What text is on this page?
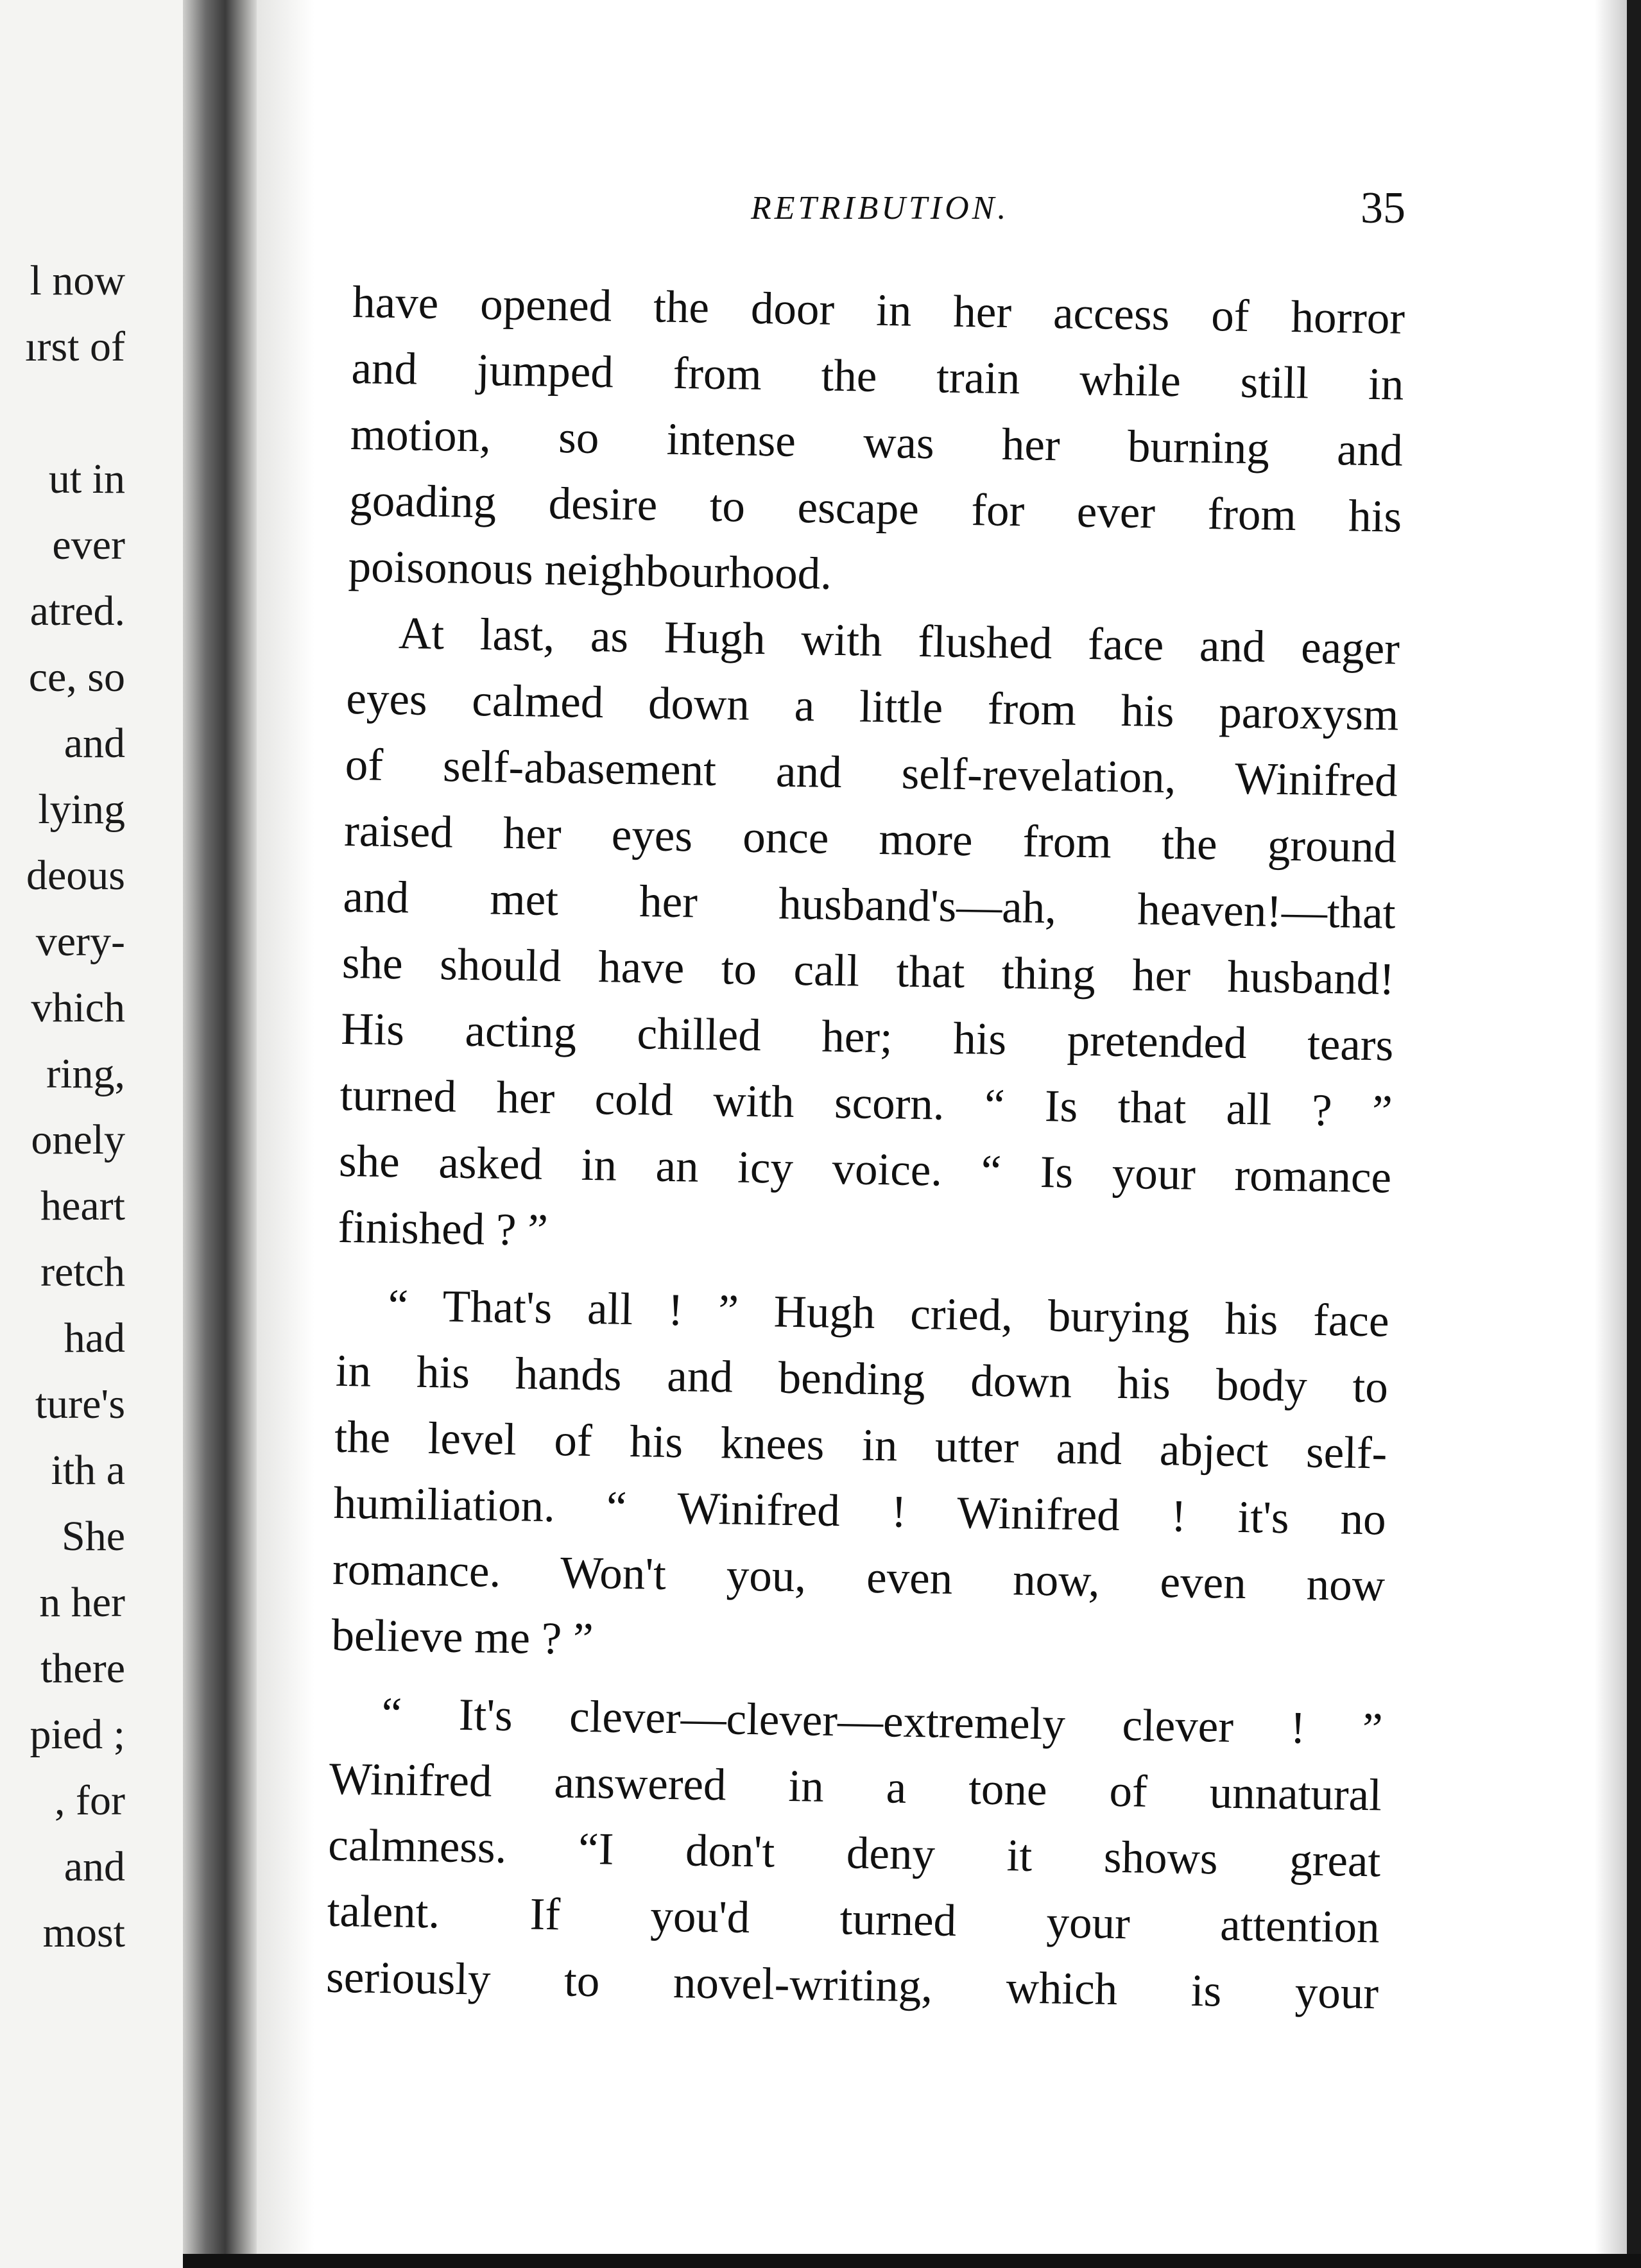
l now
ırst of
ut in
ever
atred.
ce, so
and
lying
deous
very-
vhich
ring,
onely
heart
retch
had
ture's
ith a
She
n her
there
pied ;
, for
and
most
RETRIBUTION.	35
have opened the door in her access of horror
and jumped from the train while still in
motion, so intense was her burning and
goading desire to escape for ever from his
poisonous neighbourhood.
At last, as Hugh with flushed face and eager
eyes calmed down a little from his paroxysm
of self-abasement and self-revelation, Winifred
raised her eyes once more from the ground
and met her husband's—ah, heaven!—that
she should have to call that thing her husband!
His acting chilled her; his pretended tears
turned her cold with scorn. “ Is that all ? ”
she asked in an icy voice. “ Is your romance
finished ? ”
“ That's all ! ” Hugh cried, burying his face
in his hands and bending down his body to
the level of his knees in utter and abject self-
humiliation. “ Winifred ! Winifred ! it's no
romance. Won't you, even now, even now
believe me ? ”
“ It's clever—clever—extremely clever ! ”
Winifred answered in a tone of unnatural
calmness. “I don't deny it shows great
talent. If you'd turned your attention
seriously to novel-writing, which is your
